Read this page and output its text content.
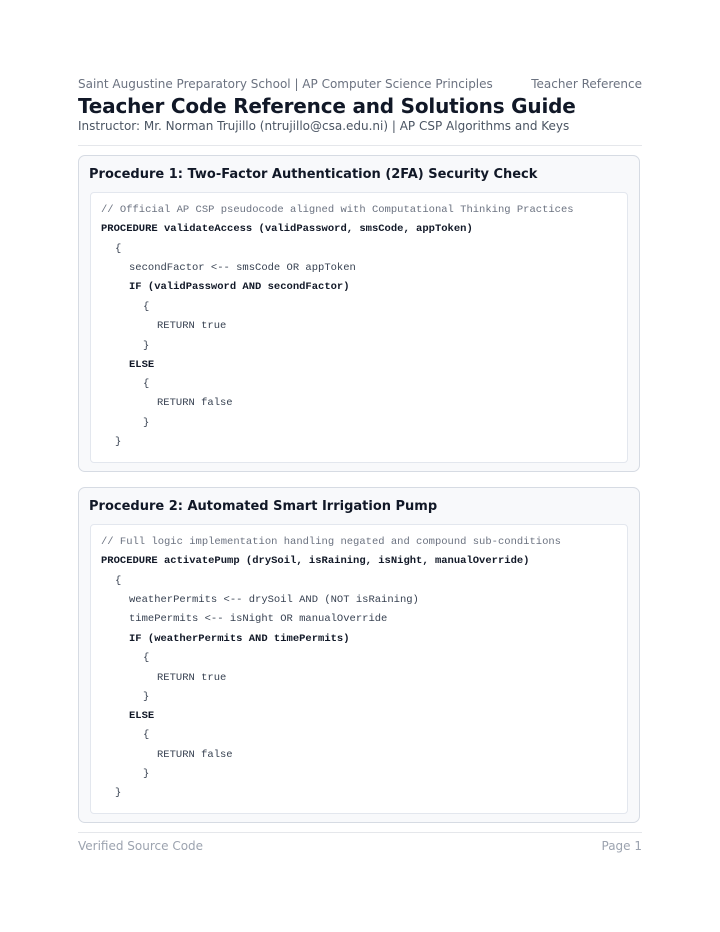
Saint Augustine Preparatory School | AP Computer Science Principles	Teacher Reference
Teacher Code Reference and Solutions Guide
Instructor: Mr. Norman Trujillo (ntrujillo@csa.edu.ni) | AP CSP Algorithms and Keys
Procedure 1: Two-Factor Authentication (2FA) Security Check
// Official AP CSP pseudocode aligned with Computational Thinking Practices
PROCEDURE validateAccess (validPassword, smsCode, appToken)
{
secondFactor <-- smsCode OR appToken
IF (validPassword AND secondFactor)
{
RETURN true
}
ELSE
{
RETURN false
}
}
Procedure 2: Automated Smart Irrigation Pump
// Full logic implementation handling negated and compound sub-conditions
PROCEDURE activatePump (drySoil, isRaining, isNight, manualOverride)
{
weatherPermits <-- drySoil AND (NOT isRaining)
timePermits <-- isNight OR manualOverride
IF (weatherPermits AND timePermits)
{
RETURN true
}
ELSE
{
RETURN false
}
}
Verified Source Code	Page 1
